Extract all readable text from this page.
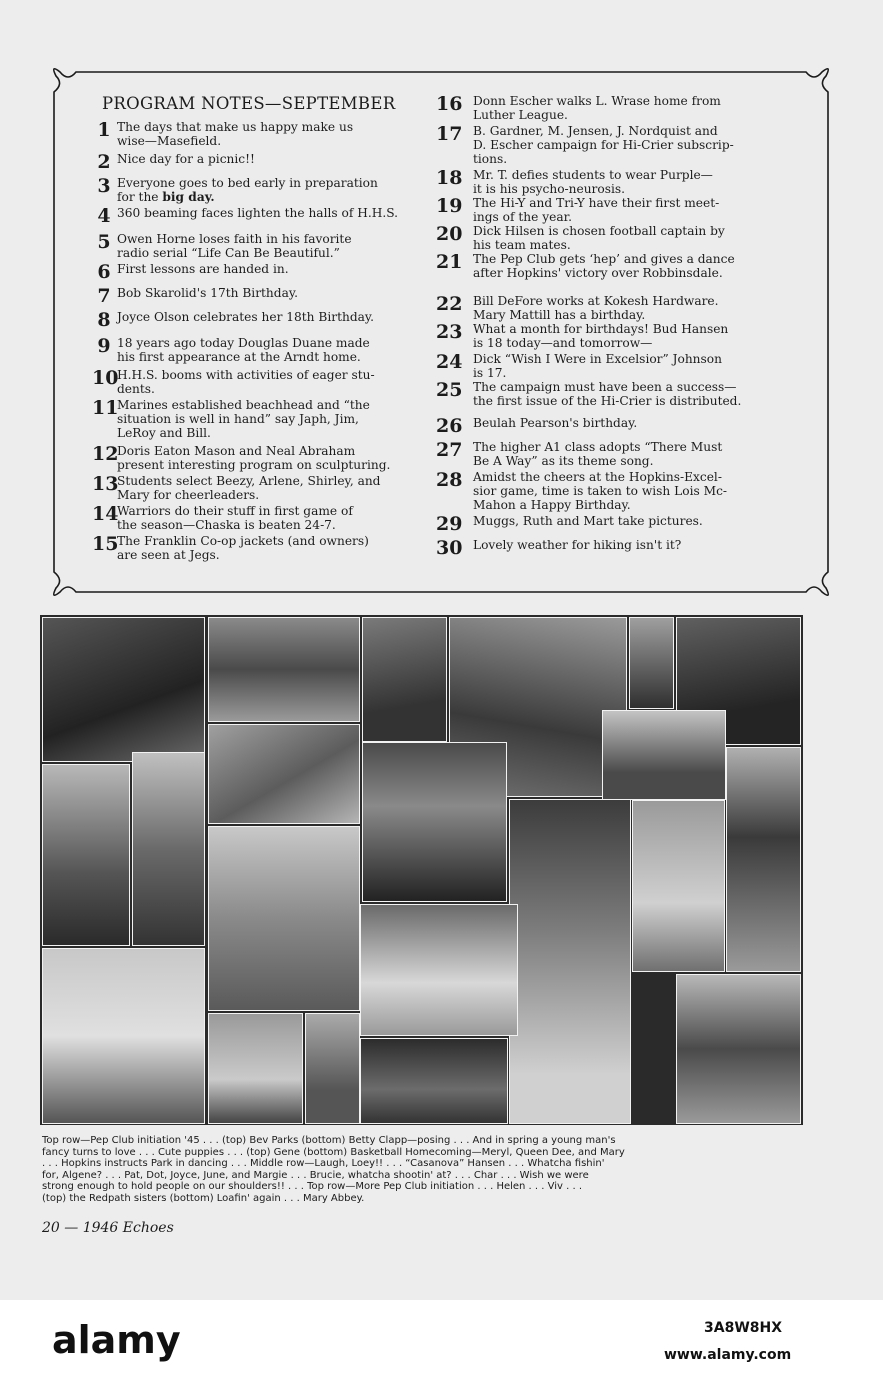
PROGRAM NOTES—SEPTEMBER
1 The days that make us happy make us
wise—Masefield.
2 Nice day for a picnic!!
3 Everyone goes to bed early in preparation
for the big day.
4 360 beaming faces lighten the halls of H.H.S.
5 Owen Horne loses faith in his favorite
radio serial “Life Can Be Beautiful.”
6 First lessons are handed in.
7 Bob Skarolid's 17th Birthday.
8 Joyce Olson celebrates her 18th Birthday.
9 18 years ago today Douglas Duane made
his first appearance at the Arndt home.
10
H.H.S. booms with activities of eager stu-
dents.
11
Marines established beachhead and “the
situation is well in hand” say Japh, Jim,
LeRoy and Bill.
12
Doris Eaton Mason and Neal Abraham
present interesting program on sculpturing.
13
Students select Beezy, Arlene, Shirley, and
Mary for cheerleaders.
14
Warriors do their stuff in first game of
the season—Chaska is beaten 24-7.
15
The Franklin Co-op jackets (and owners)
are seen at Jegs.
16 Donn Escher walks L. Wrase home from
Luther League.
17 B. Gardner, M. Jensen, J. Nordquist and
D. Escher campaign for Hi-Crier subscrip-
tions.
18 Mr. T. defies students to wear Purple—
it is his psycho-neurosis.
19 The Hi-Y and Tri-Y have their first meet-
ings of the year.
20 Dick Hilsen is chosen football captain by
his team mates.
21 The Pep Club gets ‘hep’ and gives a dance
after Hopkins' victory over Robbinsdale.
22 Bill DeFore works at Kokesh Hardware.
Mary Mattill has a birthday.
23 What a month for birthdays! Bud Hansen
is 18 today—and tomorrow—
24 Dick “Wish I Were in Excelsior” Johnson
is 17.
25 The campaign must have been a success—
the first issue of the Hi-Crier is distributed.
26 Beulah Pearson's birthday.
27 The higher A1 class adopts “There Must
Be A Way” as its theme song.
28 Amidst the cheers at the Hopkins-Excel-
sior game, time is taken to wish Lois Mc-
Mahon a Happy Birthday.
29 Muggs, Ruth and Mart take pictures.
30 Lovely weather for hiking isn't it?
Top row—Pep Club initiation '45 . . . (top) Bev Parks (bottom) Betty Clapp—posing . . . And in spring a young man's
fancy turns to love . . . Cute puppies . . . (top) Gene (bottom) Basketball Homecoming—Meryl, Queen Dee, and Mary
. . . Hopkins instructs Park in dancing . . . Middle row—Laugh, Loey!! . . . “Casanova” Hansen . . . Whatcha fishin'
for, Algene? . . . Pat, Dot, Joyce, June, and Margie . . . Brucie, whatcha shootin' at? . . . Char . . . Wish we were
strong enough to hold people on our shoulders!! . . . Top row—More Pep Club initiation . . . Helen . . . Viv . . .
(top) the Redpath sisters (bottom) Loafin' again . . . Mary Abbey.
20 — 1946 Echoes
alamy	3A8W8HX
www.alamy.com
